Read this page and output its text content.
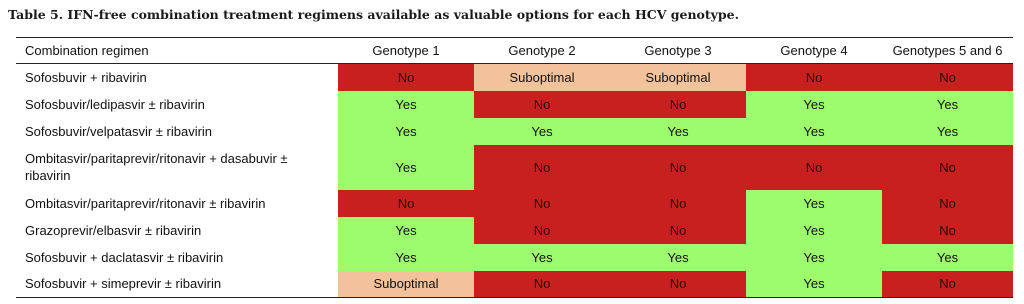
Table 5. IFN-free combination treatment regimens available as valuable options for each HCV genotype.
Combination regimen	Genotype 1	Genotype 2	Genotype 3	Genotype 4	Genotypes 5 and 6
Sofosbuvir + ribavirin	No	Suboptimal	Suboptimal	No	No
Sofosbuvir/ledipasvir ± ribavirin	Yes	No	No	Yes	Yes
Sofosbuvir/velpatasvir ± ribavirin	Yes	Yes	Yes	Yes	Yes
Ombitasvir/paritaprevir/ritonavir + dasabuvir ± ribavirin	Yes	No	No	No	No
Ombitasvir/paritaprevir/ritonavir ± ribavirin	No	No	No	Yes	No
Grazoprevir/elbasvir ± ribavirin	Yes	No	No	Yes	No
Sofosbuvir + daclatasvir ± ribavirin	Yes	Yes	Yes	Yes	Yes
Sofosbuvir + simeprevir ± ribavirin	Suboptimal	No	No	Yes	No
